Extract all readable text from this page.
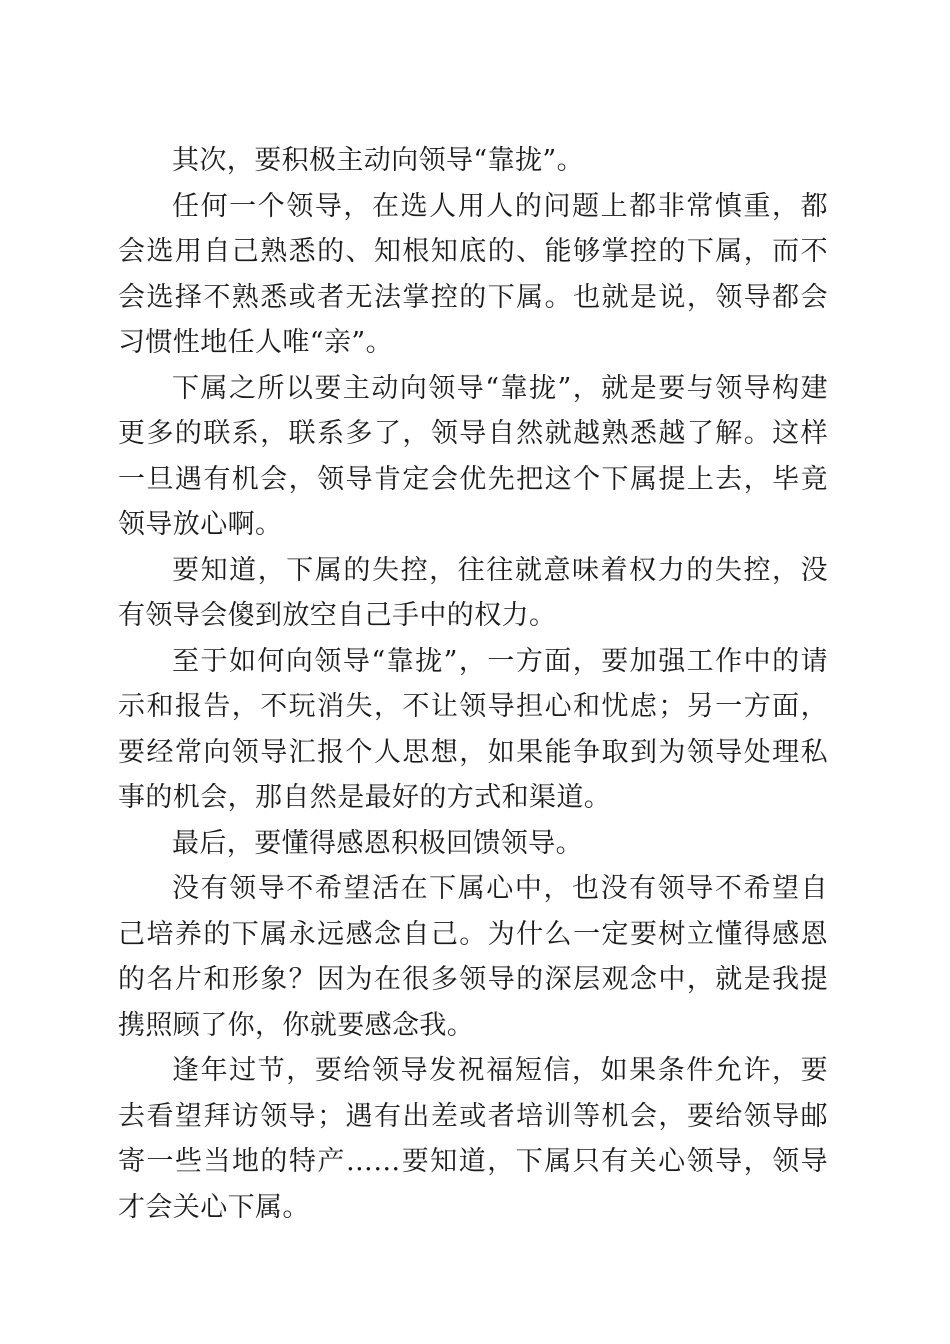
其次，要积极主动向领导“靠拢”。

任何一个领导，在选人用人的问题上都非常慎重，都会选用自己熟悉的、知根知底的、能够掌控的下属，而不会选择不熟悉或者无法掌控的下属。也就是说，领导都会习惯性地任人唯“亲”。

下属之所以要主动向领导“靠拢”，就是要与领导构建更多的联系，联系多了，领导自然就越熟悉越了解。这样一旦遇有机会，领导肯定会优先把这个下属提上去，毕竟领导放心啊。

要知道，下属的失控，往往就意味着权力的失控，没有领导会傻到放空自己手中的权力。

至于如何向领导“靠拢”，一方面，要加强工作中的请示和报告，不玩消失，不让领导担心和忧虑；另一方面，要经常向领导汇报个人思想，如果能争取到为领导处理私事的机会，那自然是最好的方式和渠道。

最后，要懂得感恩积极回馈领导。

没有领导不希望活在下属心中，也没有领导不希望自己培养的下属永远感念自己。为什么一定要树立懂得感恩的名片和形象？因为在很多领导的深层观念中，就是我提携照顾了你，你就要感念我。

逢年过节，要给领导发祝福短信，如果条件允许，要去看望拜访领导；遇有出差或者培训等机会，要给领导邮寄一些当地的特产……要知道，下属只有关心领导，领导才会关心下属。
